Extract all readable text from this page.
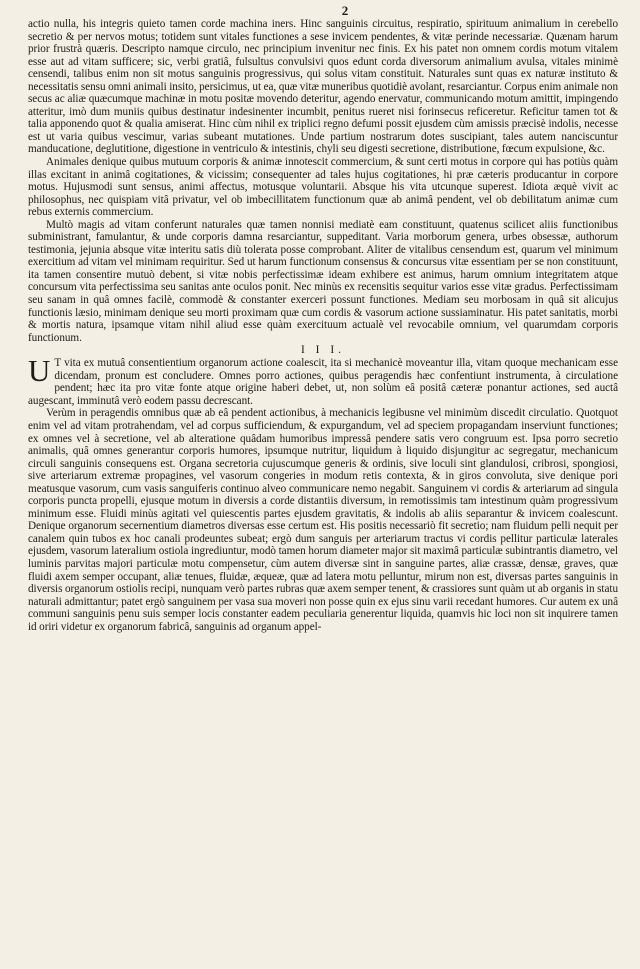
2

actio nulla, his integris quieto tamen corde machina iners. Hinc sanguinis circuitus, respiratio, spirituum animalium in cerebello secretio & per nervos motus; totidem sunt vitales functiones a sese invicem pendentes, & vitæ perinde necessariæ. Quænam harum prior frustrà quæris. Descripto namque circulo, nec principium invenitur nec finis. Ex his patet non omnem cordis motum vitalem esse aut ad vitam sufficere; sic, verbi gratiâ, fulsultus convulsivi quos edunt corda diversorum animalium avulsa, vitales minimè censendi, talibus enim non sit motus sanguinis progressivus, qui solus vitam constituit. Naturales sunt quas ex naturæ instituto & necessitatis sensu omni animali insito, persicimus, ut ea, quæ vitæ muneribus quotidiè avolant, resarciantur. Corpus enim animale non secus ac aliæ quæcumque machinæ in motu positæ movendo deteritur, agendo enervatur, communicando motum amittit, impingendo atteritur, imò dum muniis quibus destinatur indesinenter incumbit, penitus rueret nisi forinsecus reficeretur. Reficitur tamen tot & talia apponendo quot & qualia amiserat. Hinc cùm nihil ex triplici regno defumi possit ejusdem cùm amissis præcisè indolis, necesse est ut varia quibus vescimur, varias subeant mutationes. Unde partium nostrarum dotes suscipiant, tales autem nanciscuntur manducatione, deglutitione, digestione in ventriculo & intestinis, chyli seu digesti secretione, distributione, fœcum expulsione, &c.

Animales denique quibus mutuum corporis & animæ innotescit commercium, & sunt certi motus in corpore qui has potiùs quàm illas excitant in animâ cogitationes, & vicissim; consequenter ad tales hujus cogitationes, hi præ cæteris producantur in corpore motus. Hujusmodi sunt sensus, animi affectus, motusque voluntarii. Absque his vita utcunque superest. Idiota æquè vivit ac philosophus, nec quispiam vitâ privatur, vel ob imbecillitatem functionum quæ ab animâ pendent, vel ob debilitatum animæ cum rebus externis commercium.

Multò magis ad vitam conferunt naturales quæ tamen nonnisi mediatè eam constituunt, quatenus scilicet aliis functionibus subministrant, famulantur, & unde corporis damna resarciantur, suppeditant. Varia morborum genera, urbes obsessæ, authorum testimonia, jejunia absque vitæ interitu satis diù tolerata posse comprobant. Aliter de vitalibus censendum est, quarum vel minimum exercitium ad vitam vel minimam requiritur. Sed ut harum functionum consensus & concursus vitæ essentiam per se non constituunt, ita tamen consentire mutuò debent, si vitæ nobis perfectissimæ ideam exhibere est animus, harum omnium integritatem atque concursum vita perfectissima seu sanitas ante oculos ponit. Nec minùs ex recensitis sequitur varios esse vitæ gradus. Perfectissimam seu sanam in quâ omnes facilè, commodè & constanter exerceri possunt functiones. Mediam seu morbosam in quâ sit alicujus functionis læsio, minimam denique seu morti proximam quæ cum cordis & vasorum actione sussiaminatur. His patet sanitatis, morbi & mortis natura, ipsamque vitam nihil aliud esse quàm exercituum actualè vel revocabile omnium, vel quarumdam corporis functionum.

I I I.

UT vita ex mutuâ consentientium organorum actione coalescit, ita si mechanicè moveantur illa, vitam quoque mechanicam esse dicendam, pronum est concludere. Omnes porro actiones, quibus peragendis hæc confentiunt instrumenta, à circulatione pendent; hæc ita pro vitæ fonte atque origine haberi debet, ut, non solùm eâ positâ cæteræ ponantur actiones, sed auctâ augescant, imminutâ verò eodem passu decrescant.

Verùm in peragendis omnibus quæ ab eâ pendent actionibus, à mechanicis legibusne vel minimùm discedit circulatio. Quotquot enim vel ad vitam protrahendam, vel ad corpus sufficiendum, & expurgandum, vel ad speciem propagandam inserviunt functiones; ex omnes vel à secretione, vel ab alteratione quâdam humoribus impressâ pendere satis vero congruum est. Ipsa porro secretio animalis, quâ omnes generantur corporis humores, ipsumque nutritur, liquidum à liquido disjungitur ac segregatur, mechanicum circuli sanguinis consequens est. Organa secretoria cujuscumque generis & ordinis, sive loculi sint glandulosi, cribrosi, spongiosi, sive arteriarum extremæ propagines, vel vasorum congeries in modum retis contexta, & in giros convoluta, sive denique pori meatusque vasorum, cum vasis sanguiferis continuo alveo communicare nemo negabit. Sanguinem vi cordis & arteriarum ad singula corporis puncta propelli, ejusque motum in diversis a corde distantiis diversum, in remotissimis tam intestinum quàm progressivum minimum esse. Fluidi minùs agitati vel quiescentis partes ejusdem gravitatis, & indolis ab aliis separantur & invicem coalescunt. Denique organorum secernentium diametros diversas esse certum est. His positis necessariò fit secretio; nam fluidum pelli nequit per canalem quin tubos ex hoc canali prodeuntes subeat; ergò dum sanguis per arteriarum tractus vi cordis pellitur particulæ laterales ejusdem, vasorum lateralium ostiola ingrediuntur, modò tamen horum diameter major sit maximâ particulæ subintrantis diametro, vel luminis parvitas majori particulæ motu compensetur, cùm autem diversæ sint in sanguine partes, aliæ crassæ, densæ, graves, quæ fluidi axem semper occupant, aliæ tenues, fluidæ, æqueæ, quæ ad latera motu pelluntur, mirum non est, diversas partes sanguinis in diversis organorum ostiolis recipi, nunquam verò partes rubras quæ axem semper tenent, & crassiores sunt quàm ut ab organis in statu naturali admittantur; patet ergò sanguinem per vasa sua moveri non posse quin ex ejus sinu varii recedant humores. Cur autem ex unâ communi sanguinis penu suis semper locis constanter eadem peculiaria generentur liquida, quamvis hic loci non sit inquirere tamen id oriri videtur ex organorum fabricâ, sanguinis ad organum appel-
